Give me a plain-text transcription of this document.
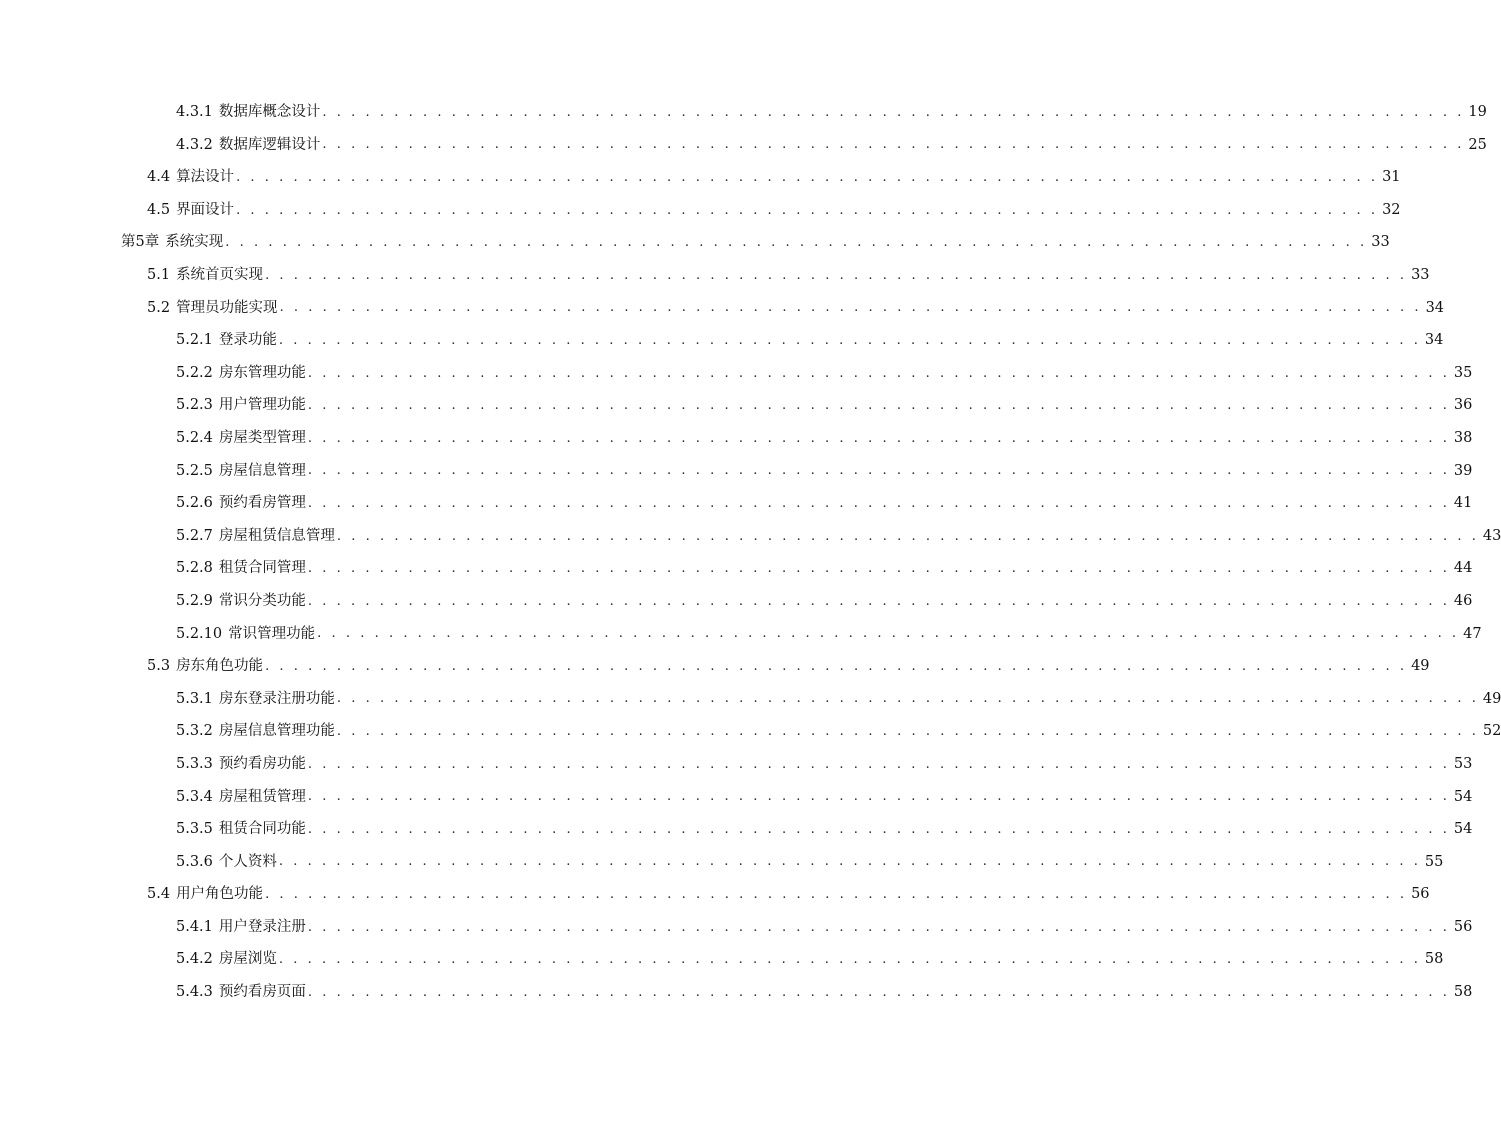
4.3.1 数据库概念设计 . . . . . . . . . . . . . . . . . . . . . . . . . . . . . . . . . . . . . . . . . . . . . . . . . . . . . . . . . . . . . . . . . . . . . . . . . . . . . . . . 19
4.3.2 数据库逻辑设计 . . . . . . . . . . . . . . . . . . . . . . . . . . . . . . . . . . . . . . . . . . . . . . . . . . . . . . . . . . . . . . . . . . . . . . . . . . . . . . . . 25
4.4 算法设计 . . . . . . . . . . . . . . . . . . . . . . . . . . . . . . . . . . . . . . . . . . . . . . . . . . . . . . . . . . . . . . . . . . . . . . . . . . . . . . . . 31
4.5 界面设计 . . . . . . . . . . . . . . . . . . . . . . . . . . . . . . . . . . . . . . . . . . . . . . . . . . . . . . . . . . . . . . . . . . . . . . . . . . . . . . . . 32
第5章 系统实现 . . . . . . . . . . . . . . . . . . . . . . . . . . . . . . . . . . . . . . . . . . . . . . . . . . . . . . . . . . . . . . . . . . . . . . . . . . . . . . . . 33
5.1 系统首页实现 . . . . . . . . . . . . . . . . . . . . . . . . . . . . . . . . . . . . . . . . . . . . . . . . . . . . . . . . . . . . . . . . . . . . . . . . . . . . . . . . 33
5.2 管理员功能实现 . . . . . . . . . . . . . . . . . . . . . . . . . . . . . . . . . . . . . . . . . . . . . . . . . . . . . . . . . . . . . . . . . . . . . . . . . . . . . . . . 34
5.2.1 登录功能 . . . . . . . . . . . . . . . . . . . . . . . . . . . . . . . . . . . . . . . . . . . . . . . . . . . . . . . . . . . . . . . . . . . . . . . . . . . . . . . . 34
5.2.2 房东管理功能 . . . . . . . . . . . . . . . . . . . . . . . . . . . . . . . . . . . . . . . . . . . . . . . . . . . . . . . . . . . . . . . . . . . . . . . . . . . . . . . . 35
5.2.3 用户管理功能 . . . . . . . . . . . . . . . . . . . . . . . . . . . . . . . . . . . . . . . . . . . . . . . . . . . . . . . . . . . . . . . . . . . . . . . . . . . . . . . . 36
5.2.4 房屋类型管理 . . . . . . . . . . . . . . . . . . . . . . . . . . . . . . . . . . . . . . . . . . . . . . . . . . . . . . . . . . . . . . . . . . . . . . . . . . . . . . . . 38
5.2.5 房屋信息管理 . . . . . . . . . . . . . . . . . . . . . . . . . . . . . . . . . . . . . . . . . . . . . . . . . . . . . . . . . . . . . . . . . . . . . . . . . . . . . . . . 39
5.2.6 预约看房管理 . . . . . . . . . . . . . . . . . . . . . . . . . . . . . . . . . . . . . . . . . . . . . . . . . . . . . . . . . . . . . . . . . . . . . . . . . . . . . . . . 41
5.2.7 房屋租赁信息管理 . . . . . . . . . . . . . . . . . . . . . . . . . . . . . . . . . . . . . . . . . . . . . . . . . . . . . . . . . . . . . . . . . . . . . . . . . . . . . . . . 43
5.2.8 租赁合同管理 . . . . . . . . . . . . . . . . . . . . . . . . . . . . . . . . . . . . . . . . . . . . . . . . . . . . . . . . . . . . . . . . . . . . . . . . . . . . . . . . 44
5.2.9 常识分类功能 . . . . . . . . . . . . . . . . . . . . . . . . . . . . . . . . . . . . . . . . . . . . . . . . . . . . . . . . . . . . . . . . . . . . . . . . . . . . . . . . 46
5.2.10 常识管理功能 . . . . . . . . . . . . . . . . . . . . . . . . . . . . . . . . . . . . . . . . . . . . . . . . . . . . . . . . . . . . . . . . . . . . . . . . . . . . . . . . 47
5.3 房东角色功能 . . . . . . . . . . . . . . . . . . . . . . . . . . . . . . . . . . . . . . . . . . . . . . . . . . . . . . . . . . . . . . . . . . . . . . . . . . . . . . . . 49
5.3.1 房东登录注册功能 . . . . . . . . . . . . . . . . . . . . . . . . . . . . . . . . . . . . . . . . . . . . . . . . . . . . . . . . . . . . . . . . . . . . . . . . . . . . . . . . 49
5.3.2 房屋信息管理功能 . . . . . . . . . . . . . . . . . . . . . . . . . . . . . . . . . . . . . . . . . . . . . . . . . . . . . . . . . . . . . . . . . . . . . . . . . . . . . . . . 52
5.3.3 预约看房功能 . . . . . . . . . . . . . . . . . . . . . . . . . . . . . . . . . . . . . . . . . . . . . . . . . . . . . . . . . . . . . . . . . . . . . . . . . . . . . . . . 53
5.3.4 房屋租赁管理 . . . . . . . . . . . . . . . . . . . . . . . . . . . . . . . . . . . . . . . . . . . . . . . . . . . . . . . . . . . . . . . . . . . . . . . . . . . . . . . . 54
5.3.5 租赁合同功能 . . . . . . . . . . . . . . . . . . . . . . . . . . . . . . . . . . . . . . . . . . . . . . . . . . . . . . . . . . . . . . . . . . . . . . . . . . . . . . . . 54
5.3.6 个人资料 . . . . . . . . . . . . . . . . . . . . . . . . . . . . . . . . . . . . . . . . . . . . . . . . . . . . . . . . . . . . . . . . . . . . . . . . . . . . . . . . 55
5.4 用户角色功能 . . . . . . . . . . . . . . . . . . . . . . . . . . . . . . . . . . . . . . . . . . . . . . . . . . . . . . . . . . . . . . . . . . . . . . . . . . . . . . . . 56
5.4.1 用户登录注册 . . . . . . . . . . . . . . . . . . . . . . . . . . . . . . . . . . . . . . . . . . . . . . . . . . . . . . . . . . . . . . . . . . . . . . . . . . . . . . . . 56
5.4.2 房屋浏览 . . . . . . . . . . . . . . . . . . . . . . . . . . . . . . . . . . . . . . . . . . . . . . . . . . . . . . . . . . . . . . . . . . . . . . . . . . . . . . . . 58
5.4.3 预约看房页面 . . . . . . . . . . . . . . . . . . . . . . . . . . . . . . . . . . . . . . . . . . . . . . . . . . . . . . . . . . . . . . . . . . . . . . . . . . . . . . . . 58
